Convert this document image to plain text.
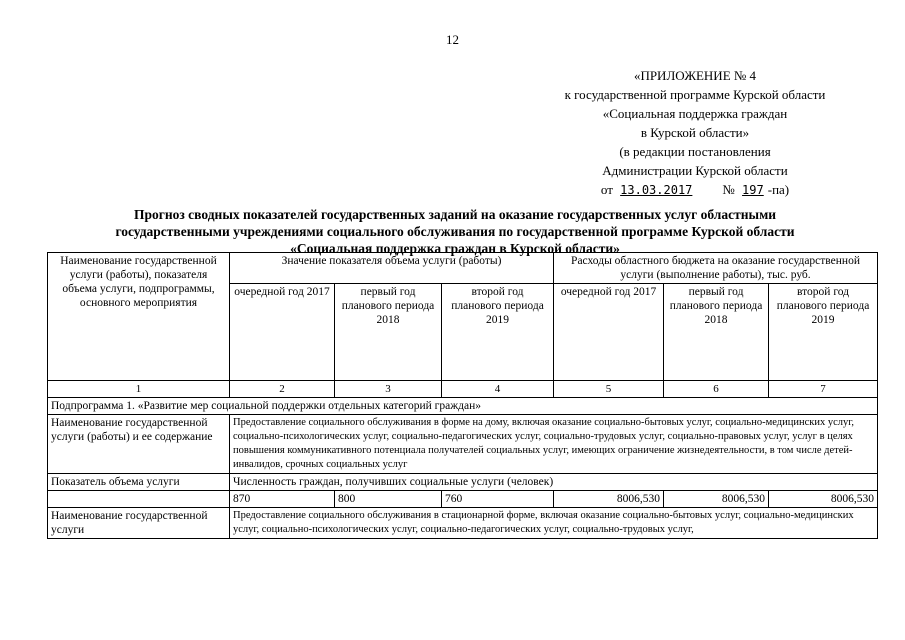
12
«ПРИЛОЖЕНИЕ № 4
к государственной программе Курской области
«Социальная поддержка граждан
в Курской области»
(в редакции постановления
Администрации Курской области
от 13.03.2017 № 197 -па)
Прогноз сводных показателей государственных заданий на оказание государственных услуг областными
государственными учреждениями социального обслуживания по государственной программе Курской области
«Социальная поддержка граждан в Курской области»
Наименование государственной услуги (работы), показателя объема услуги, подпрограммы, основного мероприятия	Значение показателя объема услуги (работы)			Расходы областного бюджета на оказание государственной услуги (выполнение работы), тыс. руб.		
	очередной год 2017	первый год планового периода 2018	второй год планового периода 2019	очередной год 2017	первый год планового периода 2018	второй год планового периода 2019
1	2	3	4	5	6	7
Подпрограмма 1. «Развитие мер социальной поддержки отдельных категорий граждан»						
Наименование государственной услуги (работы) и ее содержание	Предоставление социального обслуживания в форме на дому, включая оказание социально-бытовых услуг, социально-медицинских услуг, социально-психологических услуг, социально-педагогических услуг, социально-трудовых услуг, социально-правовых услуг, услуг в целях повышения коммуникативного потенциала получателей социальных услуг, имеющих ограничение жизнедеятельности, в том числе детей-инвалидов, срочных социальных услуг					
Показатель объема услуги	Численность граждан, получивших социальные услуги (человек)					
	870	800	760	8006,530	8006,530	8006,530
Наименование государственной услуги	Предоставление социального обслуживания в стационарной форме, включая оказание социально-бытовых услуг, социально-медицинских услуг, социально-психологических услуг, социально-педагогических услуг, социально-трудовых услуг,					
